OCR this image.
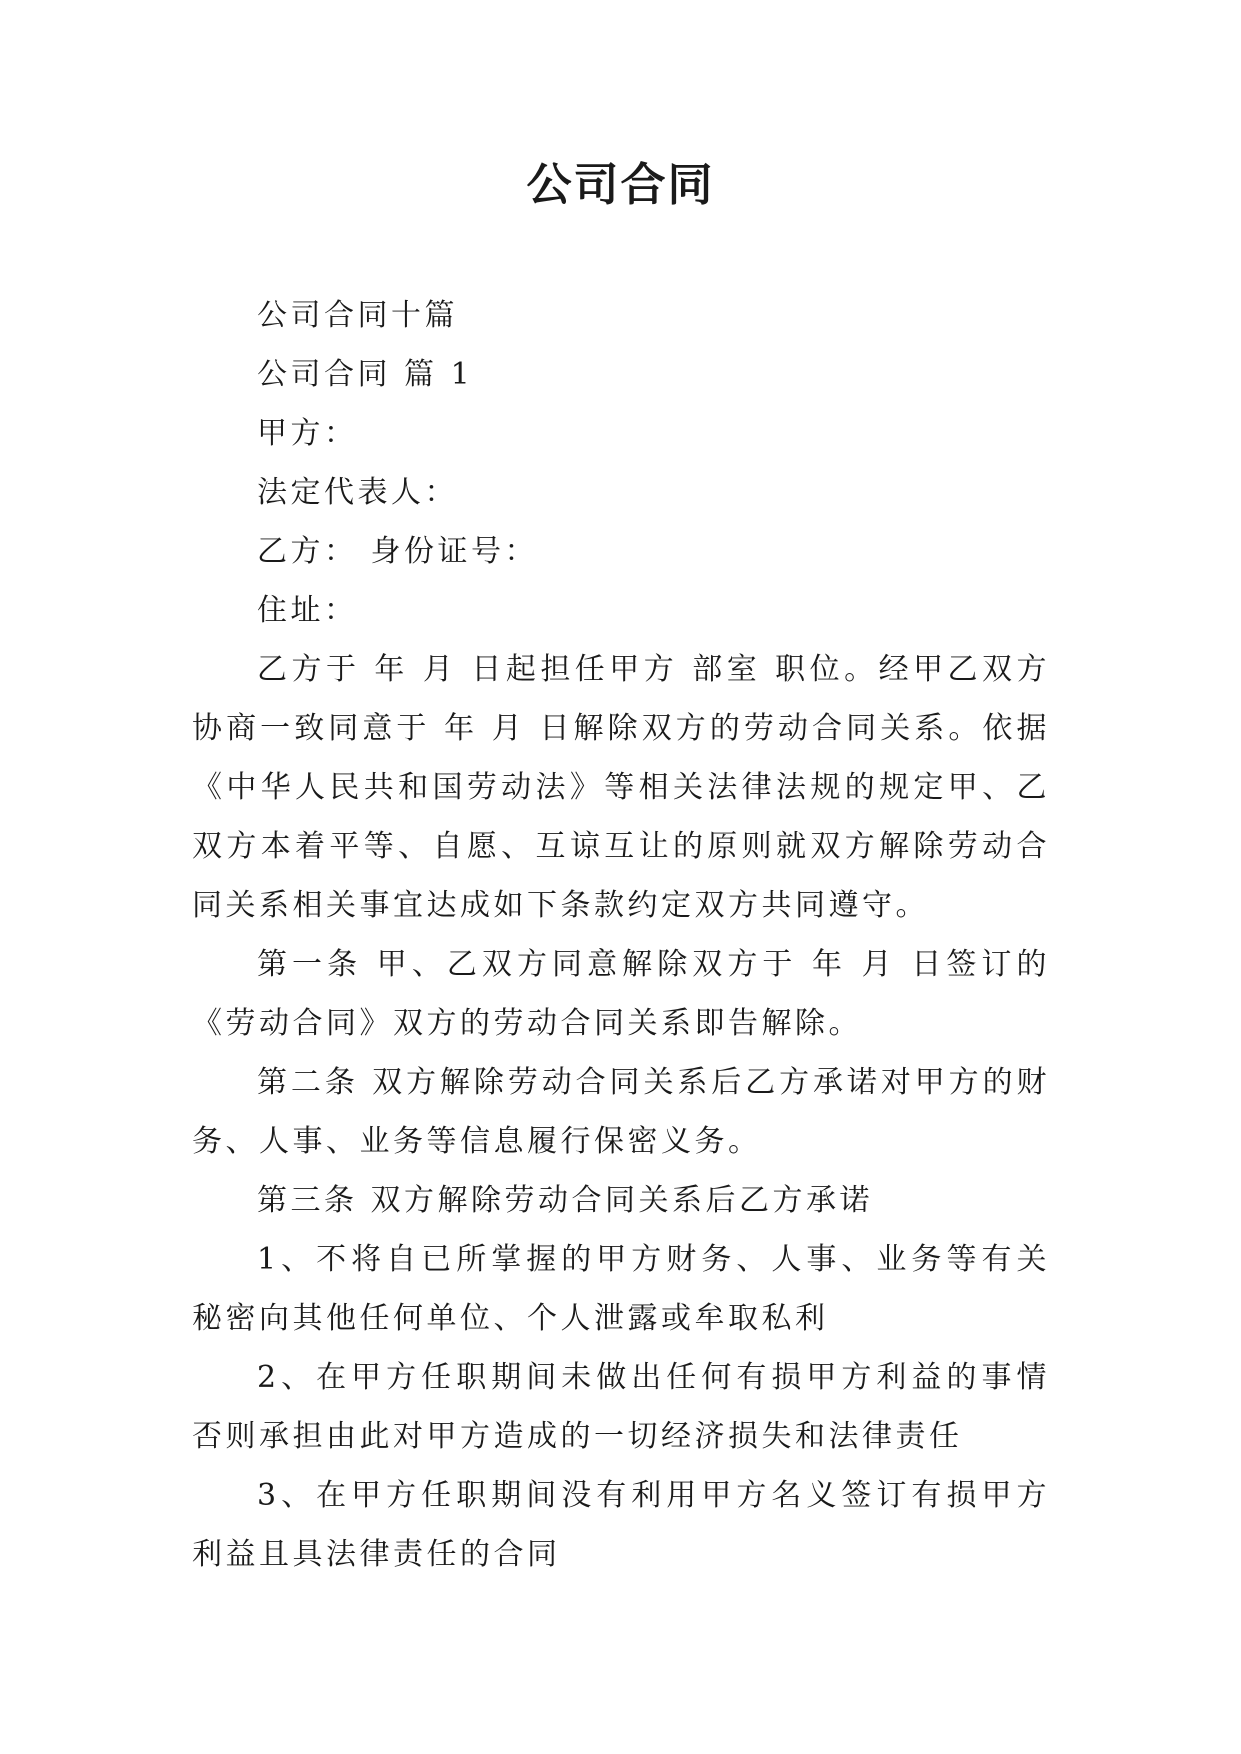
公司合同

公司合同十篇

公司合同 篇 1

甲方：

法定代表人：

乙方： 身份证号：

住址：

乙方于 年 月 日起担任甲方 部室 职位。经甲乙双方协商一致同意于 年 月 日解除双方的劳动合同关系。依据《中华人民共和国劳动法》等相关法律法规的规定甲、乙双方本着平等、自愿、互谅互让的原则就双方解除劳动合同关系相关事宜达成如下条款约定双方共同遵守。

第一条 甲、乙双方同意解除双方于 年 月 日签订的《劳动合同》双方的劳动合同关系即告解除。

第二条 双方解除劳动合同关系后乙方承诺对甲方的财务、人事、业务等信息履行保密义务。

第三条 双方解除劳动合同关系后乙方承诺

1、不将自已所掌握的甲方财务、人事、业务等有关秘密向其他任何单位、个人泄露或牟取私利

2、在甲方任职期间未做出任何有损甲方利益的事情否则承担由此对甲方造成的一切经济损失和法律责任

3、在甲方任职期间没有利用甲方名义签订有损甲方利益且具法律责任的合同
